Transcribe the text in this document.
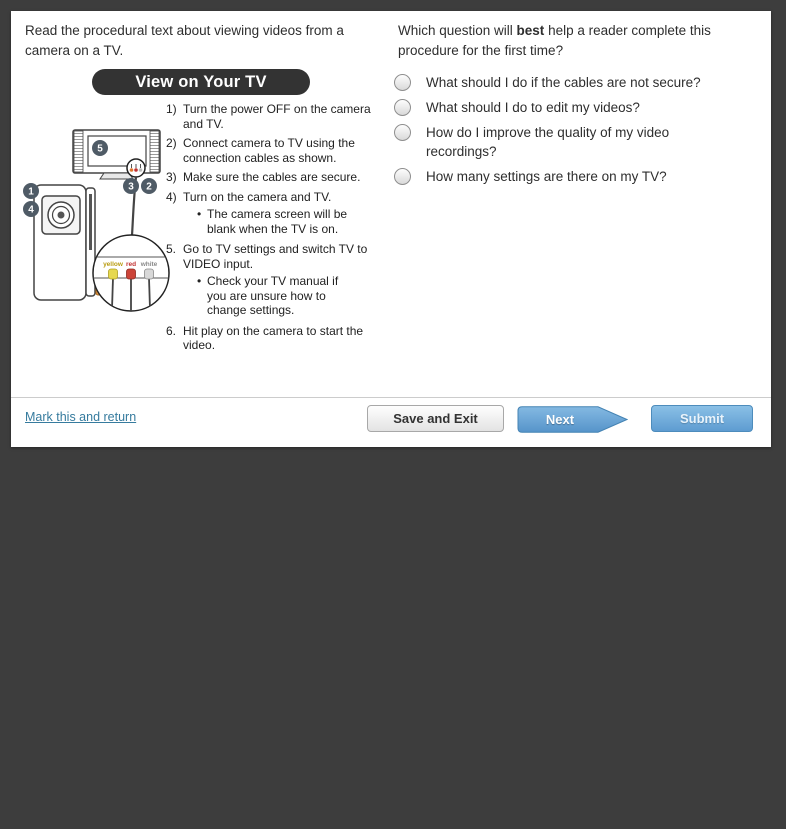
Read the procedural text about viewing videos from a camera on a TV.

View on Your TV
yellow red white
5
3 2
1
4
1) Turn the power OFF on the camera and TV.
2) Connect camera to TV using the connection cables as shown.
3) Make sure the cables are secure.
4) Turn on the camera and TV.
• The camera screen will be blank when the TV is on.
5. Go to TV settings and switch TV to VIDEO input.
• Check your TV manual if you are unsure how to change settings.
6. Hit play on the camera to start the video.

Which question will best help a reader complete this procedure for the first time?

What should I do if the cables are not secure?
What should I do to edit my videos?
How do I improve the quality of my video recordings?
How many settings are there on my TV?
Mark this and return	Save and Exit	Next	Submit
